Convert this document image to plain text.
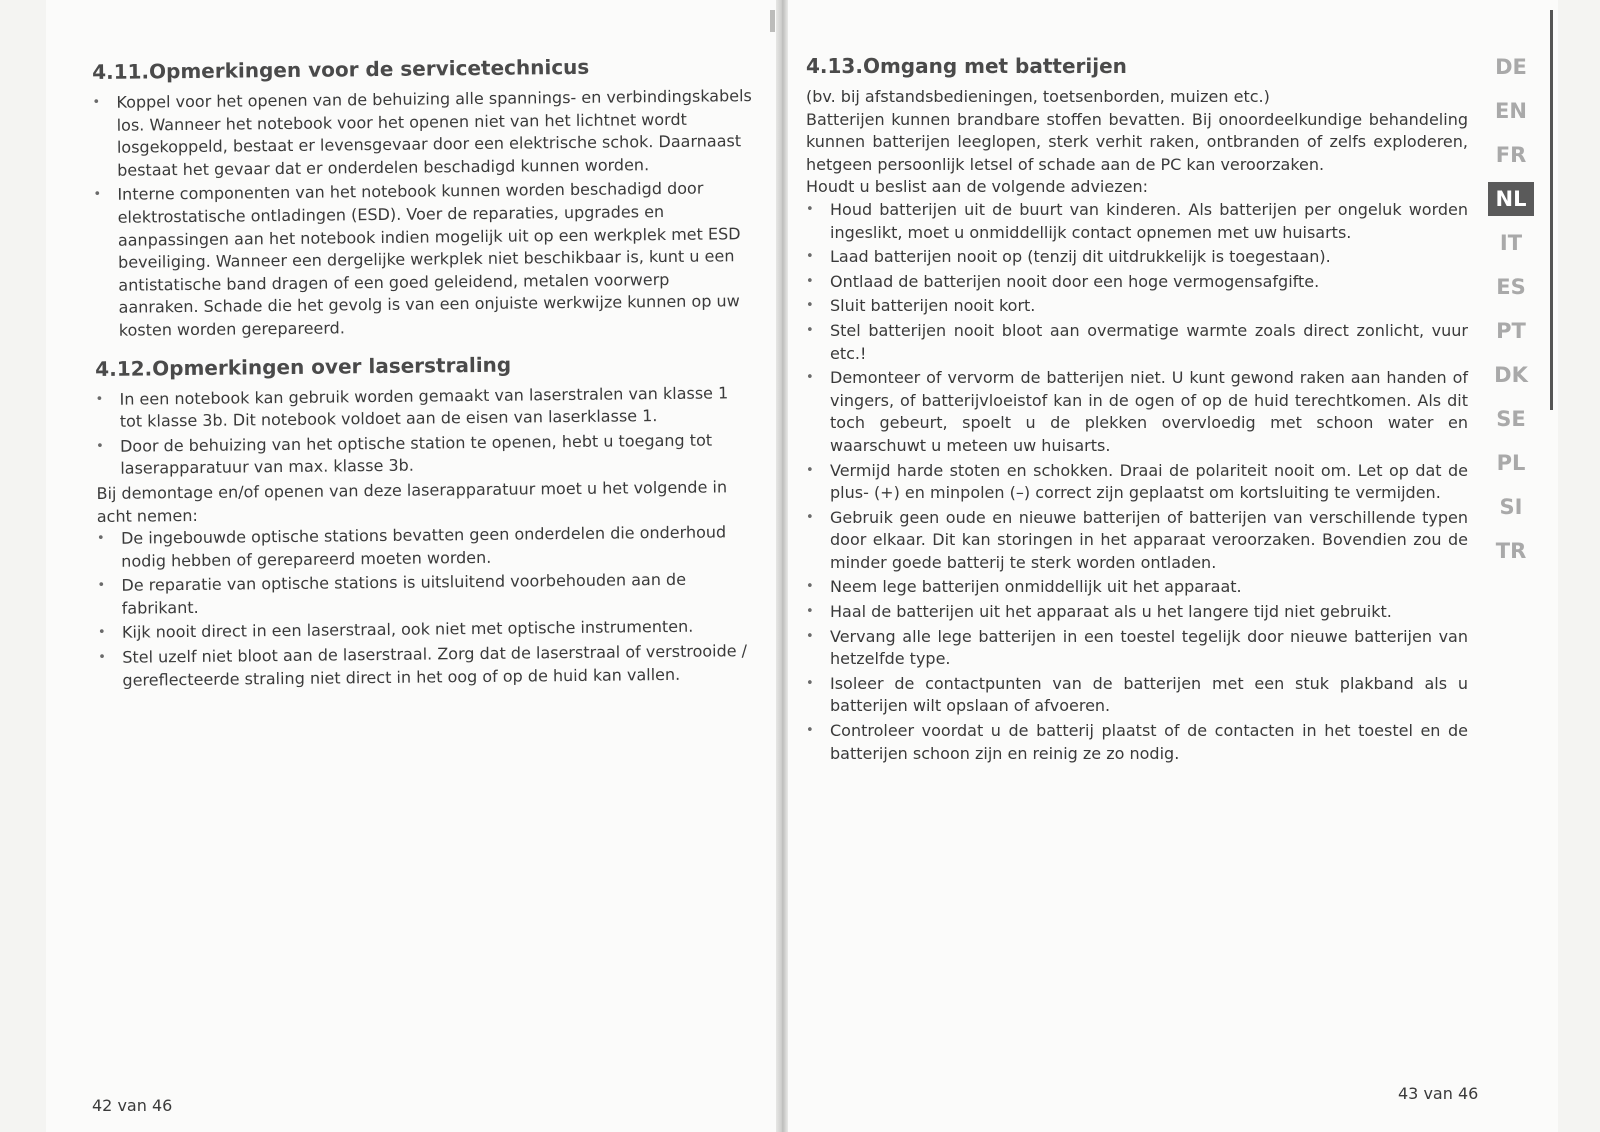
4.11.Opmerkingen voor de servicetechnicus
• Koppel voor het openen van de behuizing alle spannings- en verbindingskabels los. Wanneer het notebook voor het openen niet van het lichtnet wordt losgekoppeld, bestaat er levensgevaar door een elektrische schok. Daarnaast bestaat het gevaar dat er onderdelen beschadigd kunnen worden.
• Interne componenten van het notebook kunnen worden beschadigd door elektrostatische ontladingen (ESD). Voer de reparaties, upgrades en aanpassingen aan het notebook indien mogelijk uit op een werkplek met ESD beveiliging. Wanneer een dergelijke werkplek niet beschikbaar is, kunt u een antistatische band dragen of een goed geleidend, metalen voorwerp aanraken. Schade die het gevolg is van een onjuiste werkwijze kunnen op uw kosten worden gerepareerd.
4.12.Opmerkingen over laserstraling
• In een notebook kan gebruik worden gemaakt van laserstralen van klasse 1 tot klasse 3b. Dit notebook voldoet aan de eisen van laserklasse 1.
• Door de behuizing van het optische station te openen, hebt u toegang tot laserapparatuur van max. klasse 3b.

Bij demontage en/of openen van deze laserapparatuur moet u het volgende in acht nemen:

• De ingebouwde optische stations bevatten geen onderdelen die onderhoud nodig hebben of gerepareerd moeten worden.
• De reparatie van optische stations is uitsluitend voorbehouden aan de fabrikant.
• Kijk nooit direct in een laserstraal, ook niet met optische instrumenten.
• Stel uzelf niet bloot aan de laserstraal. Zorg dat de laserstraal of verstrooide / gereflecteerde straling niet direct in het oog of op de huid kan vallen.
4.13.Omgang met batterijen

(bv. bij afstandsbedieningen, toetsenborden, muizen etc.)

Batterijen kunnen brandbare stoffen bevatten. Bij onoordeelkundige behandeling kunnen batterijen leeglopen, sterk verhit raken, ontbranden of zelfs exploderen, hetgeen persoonlijk letsel of schade aan de PC kan veroorzaken.

Houdt u beslist aan de volgende adviezen:

• Houd batterijen uit de buurt van kinderen. Als batterijen per ongeluk worden ingeslikt, moet u onmiddellijk contact opnemen met uw huisarts.
• Laad batterijen nooit op (tenzij dit uitdrukkelijk is toegestaan).
• Ontlaad de batterijen nooit door een hoge vermogensafgifte.
• Sluit batterijen nooit kort.
• Stel batterijen nooit bloot aan overmatige warmte zoals direct zonlicht, vuur etc.!
• Demonteer of vervorm de batterijen niet. U kunt gewond raken aan handen of vingers, of batterijvloeistof kan in de ogen of op de huid terechtkomen. Als dit toch gebeurt, spoelt u de plekken overvloedig met schoon water en waarschuwt u meteen uw huisarts.
• Vermijd harde stoten en schokken. Draai de polariteit nooit om. Let op dat de plus- (+) en minpolen (–) correct zijn geplaatst om kortsluiting te vermijden.
• Gebruik geen oude en nieuwe batterijen of batterijen van verschillende typen door elkaar. Dit kan storingen in het apparaat veroorzaken. Bovendien zou de minder goede batterij te sterk worden ontladen.
• Neem lege batterijen onmiddellijk uit het apparaat.
• Haal de batterijen uit het apparaat als u het langere tijd niet gebruikt.
• Vervang alle lege batterijen in een toestel tegelijk door nieuwe batterijen van hetzelfde type.
• Isoleer de contactpunten van de batterijen met een stuk plakband als u batterijen wilt opslaan of afvoeren.
• Controleer voordat u de batterij plaatst of de contacten in het toestel en de batterijen schoon zijn en reinig ze zo nodig.
DE
EN
FR
NL
IT
ES
PT
DK
SE
PL
SI
TR
42 van 46
43 van 46
